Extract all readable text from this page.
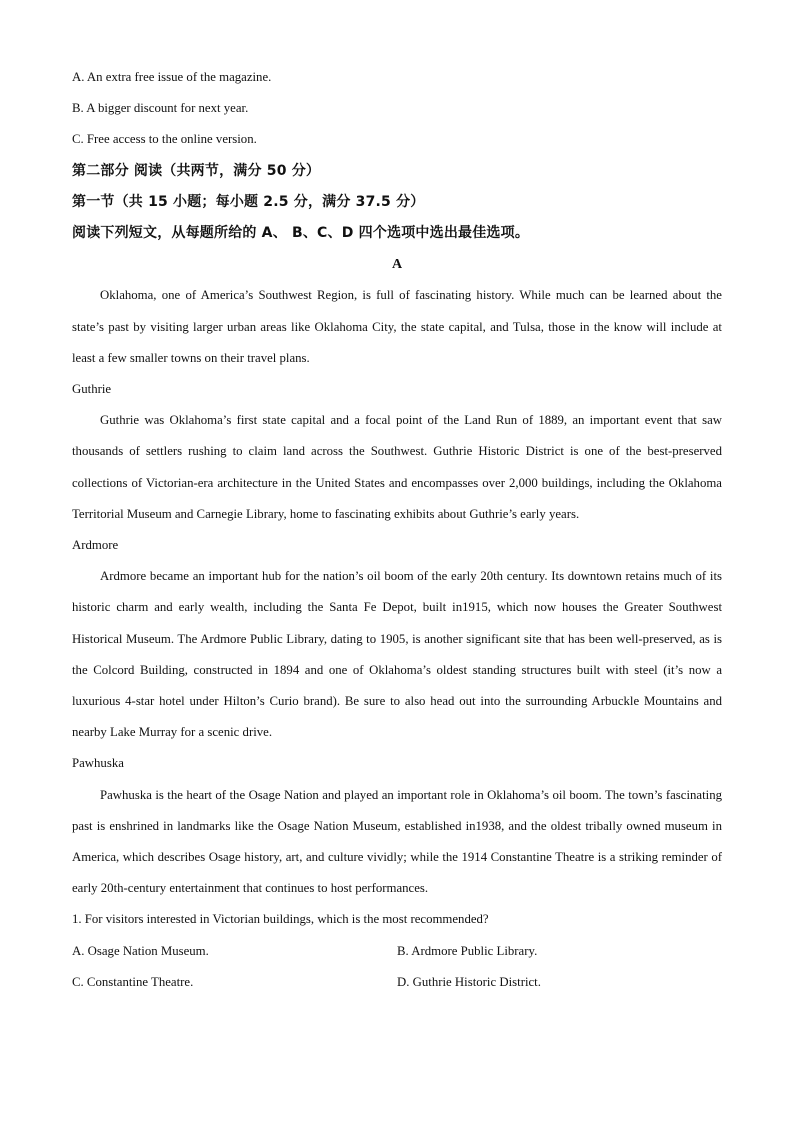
A. An extra free issue of the magazine.
B. A bigger discount for next year.
C. Free access to the online version.
第二部分 阅读（共两节，满分 50 分）
第一节（共 15 小题；每小题 2.5 分，满分 37.5 分）
阅读下列短文，从每题所给的 A、 B、C、D 四个选项中选出最佳选项。
A

Oklahoma, one of America’s Southwest Region, is full of fascinating history. While much can be learned about the state’s past by visiting larger urban areas like Oklahoma City, the state capital, and Tulsa, those in the know will include at least a few smaller towns on their travel plans.

Guthrie

Guthrie was Oklahoma’s first state capital and a focal point of the Land Run of 1889, an important event that saw thousands of settlers rushing to claim land across the Southwest. Guthrie Historic District is one of the best-preserved collections of Victorian-era architecture in the United States and encompasses over 2,000 buildings, including the Oklahoma Territorial Museum and Carnegie Library, home to fascinating exhibits about Guthrie’s early years.

Ardmore

Ardmore became an important hub for the nation’s oil boom of the early 20th century. Its downtown retains much of its historic charm and early wealth, including the Santa Fe Depot, built in1915, which now houses the Greater Southwest Historical Museum. The Ardmore Public Library, dating to 1905, is another significant site that has been well-preserved, as is the Colcord Building, constructed in 1894 and one of Oklahoma’s oldest standing structures built with steel (it’s now a luxurious 4-star hotel under Hilton’s Curio brand). Be sure to also head out into the surrounding Arbuckle Mountains and nearby Lake Murray for a scenic drive.

Pawhuska

Pawhuska is the heart of the Osage Nation and played an important role in Oklahoma’s oil boom. The town’s fascinating past is enshrined in landmarks like the Osage Nation Museum, established in1938, and the oldest tribally owned museum in America, which describes Osage history, art, and culture vividly; while the 1914 Constantine Theatre is a striking reminder of early 20th-century entertainment that continues to host performances.

1. For visitors interested in Victorian buildings, which is the most recommended?
A. Osage Nation Museum.	B. Ardmore Public Library.
C. Constantine Theatre.	D. Guthrie Historic District.
